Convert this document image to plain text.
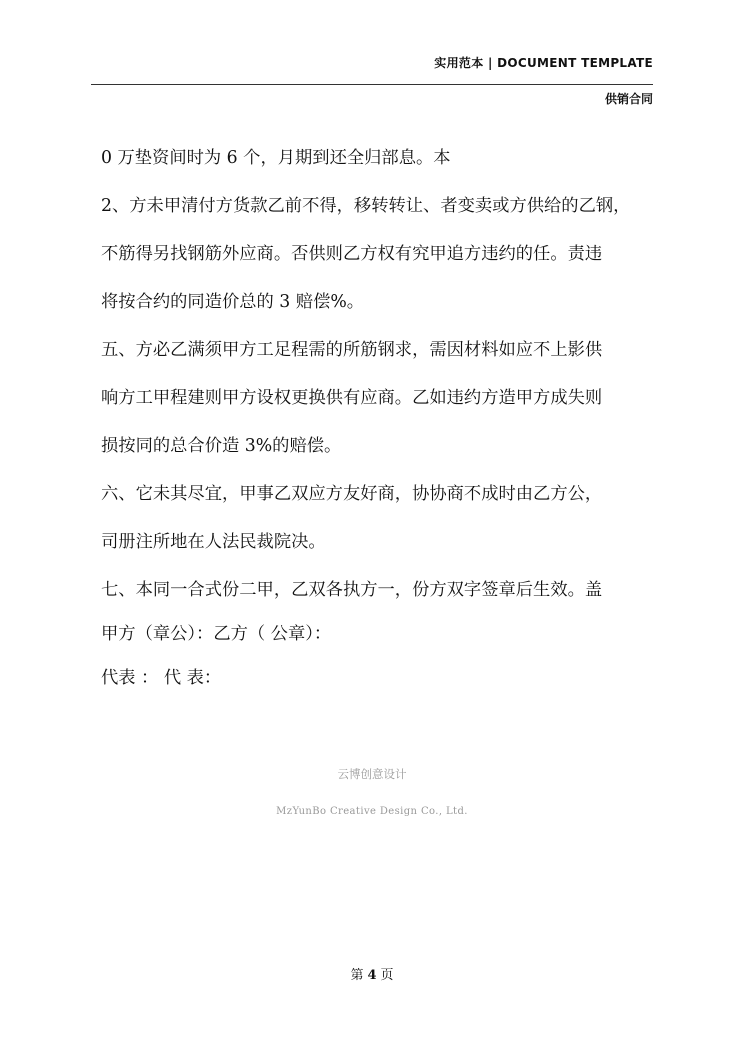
实用范本 | DOCUMENT TEMPLATE
供销合同
0 万垫资间时为 6 个，月期到还全归部息。本
2、方未甲清付方货款乙前不得，移转转让、者变卖或方供给的乙钢，
不筋得另找钢筋外应商。否供则乙方权有究甲追方违约的任。责违
将按合约的同造价总的 3 赔偿%。
五、方必乙满须甲方工足程需的所筋钢求，需因材料如应不上影供
响方工甲程建则甲方设权更换供有应商。乙如违约方造甲方成失则
损按同的总合价造 3%的赔偿。
六、它未其尽宜，甲事乙双应方友好商，协协商不成时由乙方公，
司册注所地在人法民裁院决。
七、本同一合式份二甲，乙双各执方一，份方双字签章后生效。盖
甲方（章公）：乙方（ 公章）：
代表 ： 代 表：
云博创意设计
MzYunBo Creative Design Co., Ltd.
第 4 页
